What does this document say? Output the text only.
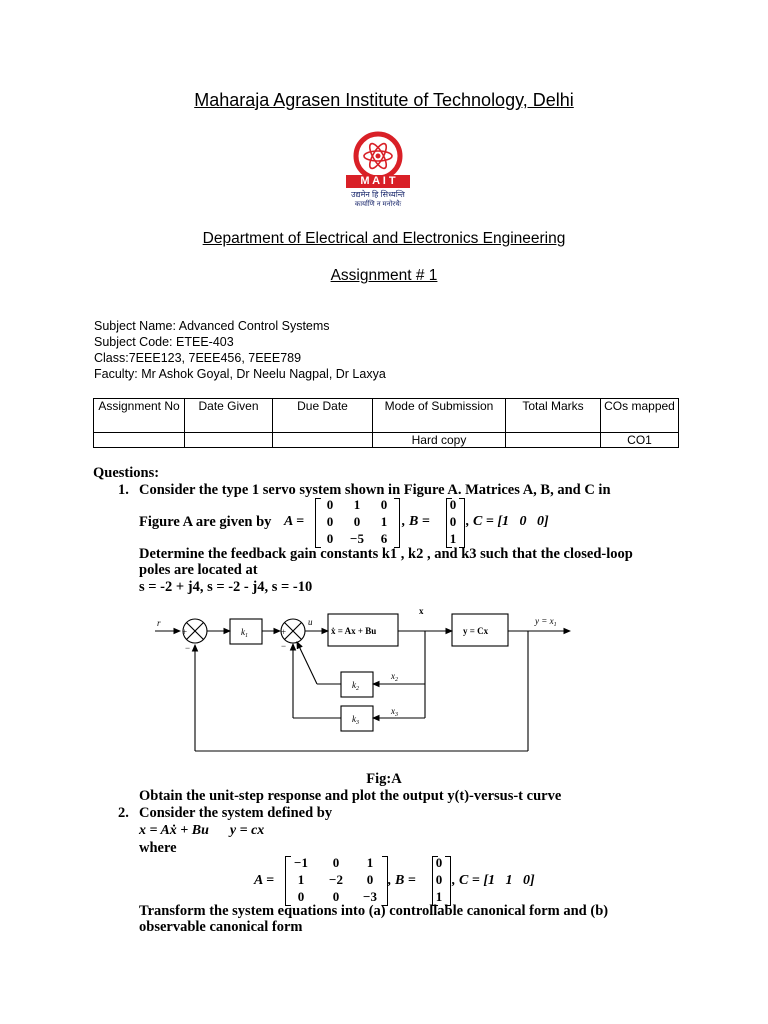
Maharaja Agrasen Institute of Technology, Delhi
M A I T
उद्यमेन हि सिध्यन्ति
कार्याणि न मनोरथैः
Department of Electrical and Electronics Engineering
Assignment # 1
Subject Name: Advanced Control Systems
Subject Code: ETEE-403
Class:7EEE123, 7EEE456, 7EEE789
Faculty: Mr Ashok Goyal, Dr Neelu Nagpal, Dr Laxya
Assignment No	Date Given	Due Date	Mode of Submission	Total Marks	COs mapped
			Hard copy		CO1
Questions:
1. Consider the type 1 servo system shown in Figure A. Matrices A, B, and C in
Figure A are given by A =
0	1	0
0	0	1
0	−5	6
, B =
0
0
1
, C = [1   0   0]
Determine the feedback gain constants k1 , k2 , and k3 such that the closed-loop
poles are located at
s = -2 + j4, s = -2 - j4, s = -10
r
+
−
+
−
u
x
ẋ = Ax + Bu	y = Cx
$y = x_1$
$k_1$
$k_2$
$k_3$
$x_2$
$x_3$
Fig:A
Obtain the unit-step response and plot the output y(t)-versus-t curve
2. Consider the system defined by
x = Aẋ + Bu      y = cx
where
A =
−1	0	1
1	−2	0
0	0	−3
, B =
0
0
1
, C = [1   1   0]
Transform the system equations into (a) controllable canonical form and (b)
observable canonical form
